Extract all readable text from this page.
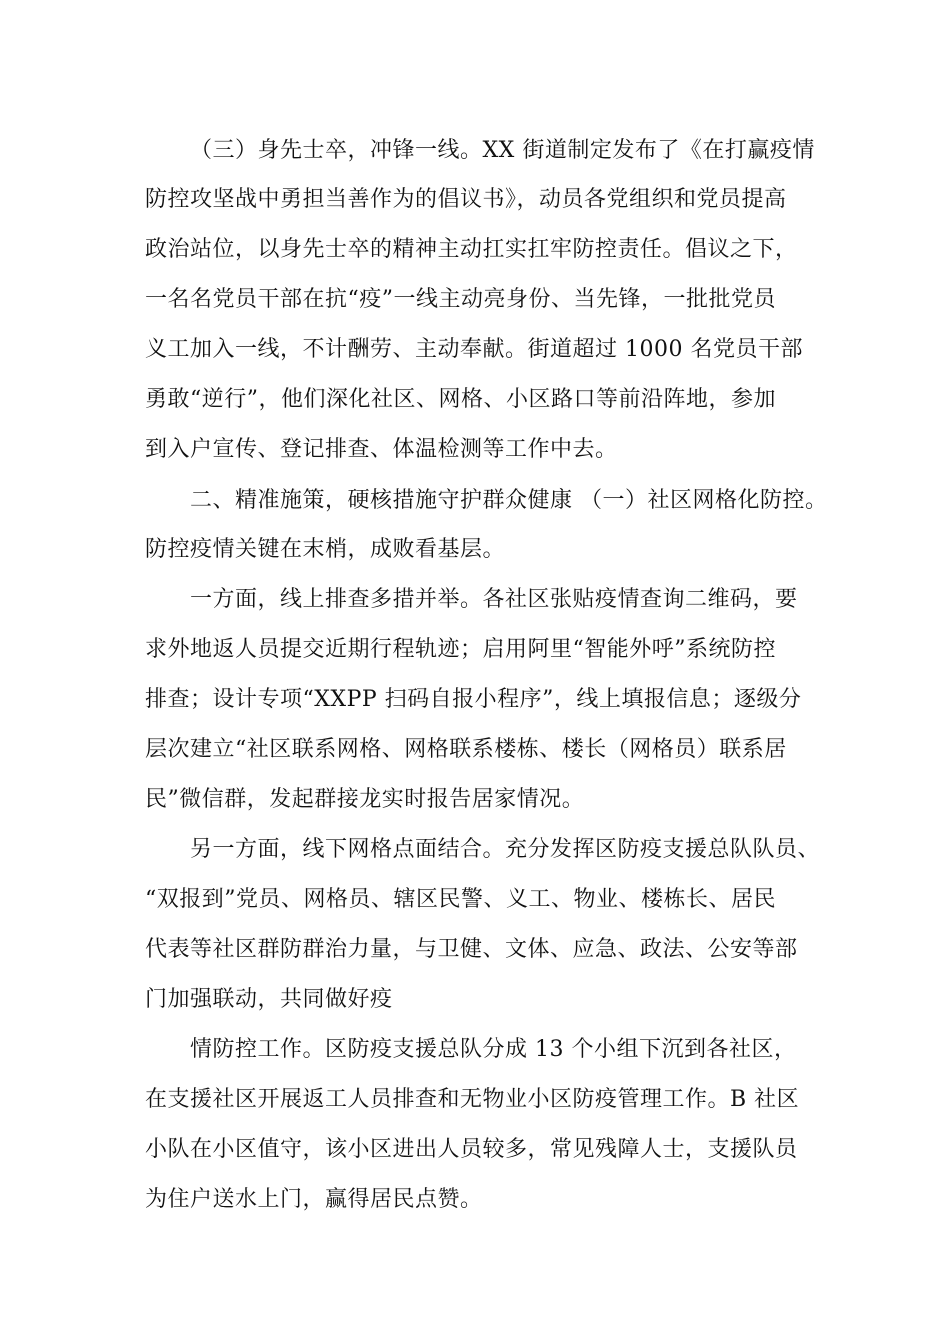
（三）身先士卒，冲锋一线。XX 街道制定发布了《在打赢疫情
防控攻坚战中勇担当善作为的倡议书》，动员各党组织和党员提高
政治站位，以身先士卒的精神主动扛实扛牢防控责任。倡议之下，
一名名党员干部在抗“疫”一线主动亮身份、当先锋，一批批党员
义工加入一线，不计酬劳、主动奉献。街道超过 1000 名党员干部
勇敢“逆行”，他们深化社区、网格、小区路口等前沿阵地，参加
到入户宣传、登记排查、体温检测等工作中去。
二、精准施策，硬核措施守护群众健康 （一）社区网格化防控。
防控疫情关键在末梢，成败看基层。
一方面，线上排查多措并举。各社区张贴疫情查询二维码，要
求外地返人员提交近期行程轨迹；启用阿里“智能外呼”系统防控
排查；设计专项“XXPP 扫码自报小程序”，线上填报信息；逐级分
层次建立“社区联系网格、网格联系楼栋、楼长（网格员）联系居
民”微信群，发起群接龙实时报告居家情况。
另一方面，线下网格点面结合。充分发挥区防疫支援总队队员、
“双报到”党员、网格员、辖区民警、义工、物业、楼栋长、居民
代表等社区群防群治力量，与卫健、文体、应急、政法、公安等部
门加强联动，共同做好疫
情防控工作。区防疫支援总队分成 13 个小组下沉到各社区，
在支援社区开展返工人员排查和无物业小区防疫管理工作。B 社区
小队在小区值守，该小区进出人员较多，常见残障人士，支援队员
为住户送水上门，赢得居民点赞。
